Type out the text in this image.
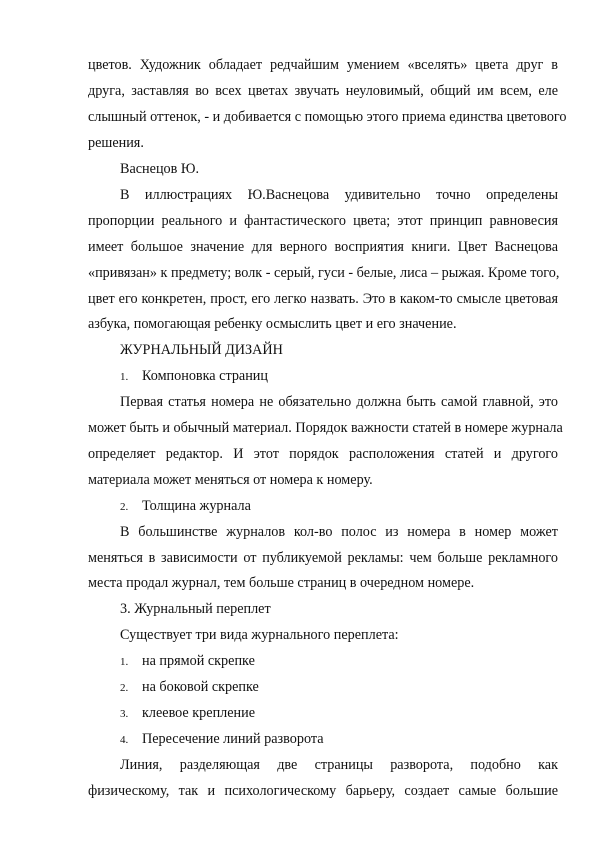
цветов. Художник обладает редчайшим умением «вселять» цвета друг в
друга, заставляя во всех цветах звучать неуловимый, общий им всем, еле
слышный оттенок, - и добивается с помощью этого приема единства цветового
решения.
Васнецов Ю.
В иллюстрациях Ю.Васнецова удивительно точно определены
пропорции реального и фантастического цвета; этот принцип равновесия
имеет большое значение для верного восприятия книги. Цвет Васнецова
«привязан» к предмету; волк - серый, гуси - белые, лиса – рыжая. Кроме того,
цвет его конкретен, прост, его легко назвать. Это в каком-то смысле цветовая
азбука, помогающая ребенку осмыслить цвет и его значение.
ЖУРНАЛЬНЫЙ ДИЗАЙН
1. Компоновка страниц
Первая статья номера не обязательно должна быть самой главной, это
может быть и обычный материал. Порядок важности статей в номере журнала
определяет редактор. И этот порядок расположения статей и другого
материала может меняться от номера к номеру.
2. Толщина журнала
В большинстве журналов кол-во полос из номера в номер может
меняться в зависимости от публикуемой рекламы: чем больше рекламного
места продал журнал, тем больше страниц в очередном номере.
3. Журнальный переплет
Существует три вида журнального переплета:
1. на прямой скрепке
2. на боковой скрепке
3. клеевое крепление
4. Пересечение линий разворота
Линия, разделяющая две страницы разворота, подобно как
физическому, так и психологическому барьеру, создает самые большие
